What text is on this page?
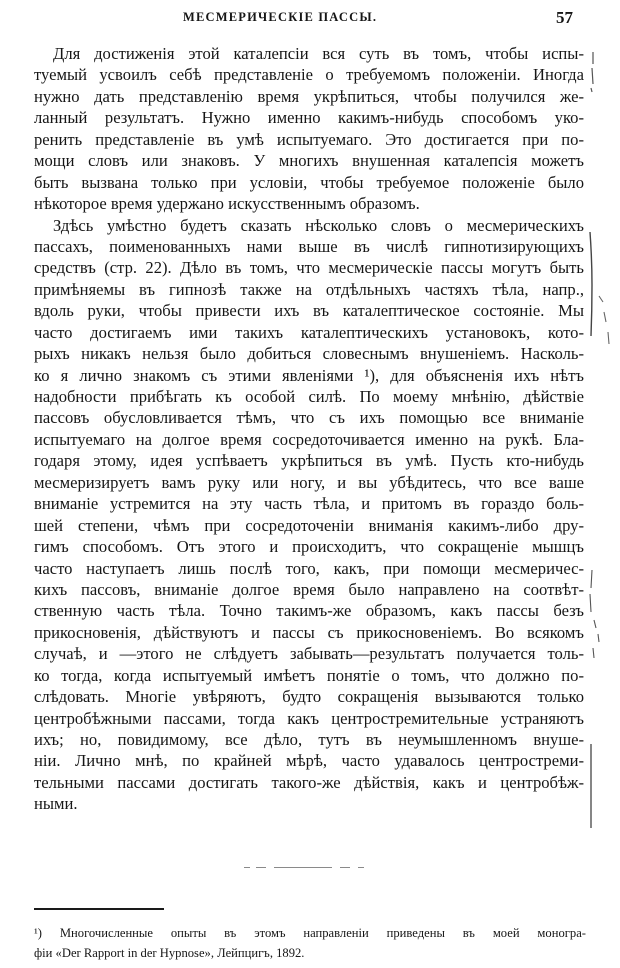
МЕСМЕРИЧЕСКІЕ ПАССЫ.	57
Для достиженія этой каталепсіи вся суть въ томъ, чтобы испы-
туемый усвоилъ себѣ представленіе о требуемомъ положеніи. Иногда
нужно дать представленію время укрѣпиться, чтобы получился же-
ланный результатъ. Нужно именно какимъ-нибудь способомъ уко-
ренить представленіе въ умѣ испытуемаго. Это достигается при по-
мощи словъ или знаковъ. У многихъ внушенная каталепсія можетъ
быть вызвана только при условіи, чтобы требуемое положеніе было
нѣкоторое время удержано искусственнымъ образомъ.
Здѣсь умѣстно будетъ сказать нѣсколько словъ о месмерическихъ
пассахъ, поименованныхъ нами выше въ числѣ гипнотизирующихъ
средствъ (стр. 22). Дѣло въ томъ, что месмерическіе пассы могутъ быть
примѣняемы въ гипнозѣ также на отдѣльныхъ частяхъ тѣла, напр.,
вдоль руки, чтобы привести ихъ въ каталептическое состояніе. Мы
часто достигаемъ ими такихъ каталептическихъ установокъ, кото-
рыхъ никакъ нельзя было добиться словеснымъ внушеніемъ. Насколь-
ко я лично знакомъ съ этими явленіями ¹), для объясненія ихъ нѣтъ
надобности прибѣгать къ особой силѣ. По моему мнѣнію, дѣйствіе
пассовъ обусловливается тѣмъ, что съ ихъ помощью все вниманіе
испытуемаго на долгое время сосредоточивается именно на рукѣ. Бла-
годаря этому, идея успѣваетъ укрѣпиться въ умѣ. Пусть кто-нибудь
месмеризируетъ вамъ руку или ногу, и вы убѣдитесь, что все ваше
вниманіе устремится на эту часть тѣла, и притомъ въ гораздо боль-
шей степени, чѣмъ при сосредоточеніи вниманія какимъ-либо дру-
гимъ способомъ. Отъ этого и происходитъ, что сокращеніе мышцъ
часто наступаетъ лишь послѣ того, какъ, при помощи месмеричес-
кихъ пассовъ, вниманіе долгое время было направлено на соотвѣт-
ственную часть тѣла. Точно такимъ-же образомъ, какъ пассы безъ
прикосновенія, дѣйствуютъ и пассы съ прикосновеніемъ. Во всякомъ
случаѣ, и —этого не слѣдуетъ забывать—результатъ получается толь-
ко тогда, когда испытуемый имѣетъ понятіе о томъ, что должно по-
слѣдовать. Многіе увѣряютъ, будто сокращенія вызываются только
центробѣжными пассами, тогда какъ центростремительные устраняютъ
ихъ; но, повидимому, все дѣло, тутъ въ неумышленномъ внуше-
ніи. Лично мнѣ, по крайней мѣрѣ, часто удавалось центростреми-
тельными пассами достигать такого-же дѣйствія, какъ и центробѣж-
ными.
¹) Многочисленные опыты въ этомъ направленіи приведены въ моей моногра-
фіи «Der Rapport in der Hypnose», Лейпцигъ, 1892.
